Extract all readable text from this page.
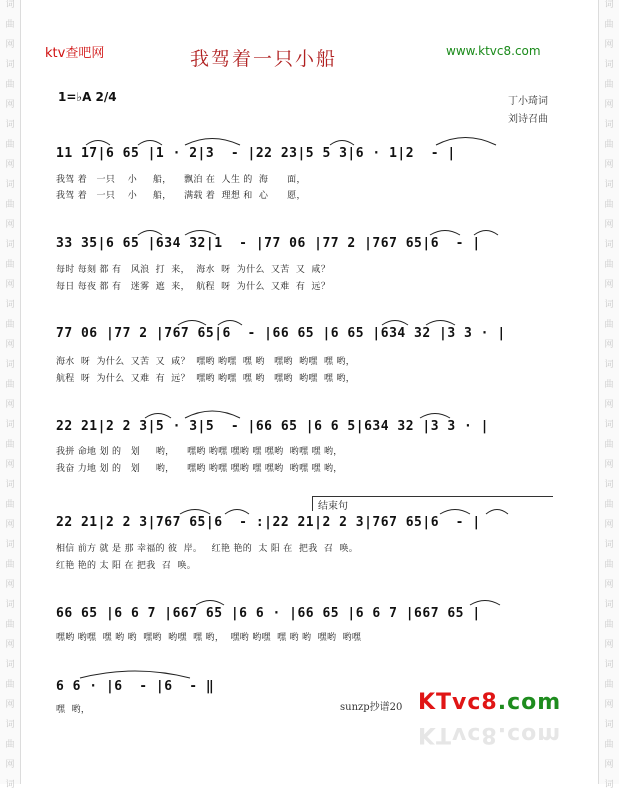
ktv查吧网	我驾着一只小船	www.ktvc8.com
1=♭A 2/4	丁小琦词
刘诗召曲
11 17|6 65 |1 · 2|3  - |22 23|5 5 3|6 · 1|2  - |
我驾 着   一只    小     船，    飘泊 在  人生 的  海      面，
我驾 着   一只    小     船，    满载 着  理想 和  心      愿，
33 35|6 65 |634 32|1  - |77 06 |77 2 |767 65|6  - |
每时 每刻 都 有   风浪  打  来，  海水  呀  为什么  又苦  又  咸？
每日 每夜 都 有   迷雾  遮  来，  航程  呀  为什么  又难  有  远？
77 06 |77 2 |767 65|6  - |66 65 |6 65 |634 32 |3 3 · |
海水  呀  为什么  又苦  又  咸？  嘿哟 哟嘿  嘿 哟   嘿哟  哟嘿  嘿 哟，
航程  呀  为什么  又难  有  远？  嘿哟 哟嘿  嘿 哟   嘿哟  哟嘿  嘿 哟，
22 21|2 2 3|5 · 3|5  - |66 65 |6 6 5|634 32 |3 3 · |
我拼 命地 划 的   划     哟，    嘿哟 哟嘿 嘿哟 嘿 嘿哟  哟嘿 嘿 哟，
我奋 力地 划 的   划     哟，    嘿哟 哟嘿 嘿哟 嘿 嘿哟  哟嘿 嘿 哟，
结束句
22 21|2 2 3|767 65|6  - :|22 21|2 2 3|767 65|6  - |
相信 前方 就 是 那 幸福的 彼  岸。   红艳 艳的  太 阳 在  把我  召  唤。
红艳 艳的 太 阳 在 把我  召  唤。
66 65 |6 6 7 |667 65 |6 6 · |66 65 |6 6 7 |667 65 |
嘿哟 哟嘿  嘿 哟 哟  嘿哟  哟嘿  嘿 哟，  嘿哟 哟嘿  嘿 哟 哟  嘿哟  哟嘿
6 6 · |6  - |6  - ‖
嘿  哟，	sunzp抄谱20 KTvc8.com
KTvc8.com
词
曲
网
词
曲
网
词
曲
网
词
曲
网
词
曲
网
词
曲
网
词
曲
网
词
曲
网
词
曲
网
词
曲
网
词
曲
网
词
曲
网
词
曲
网
词
词
曲
网
词
曲
网
词
曲
网
词
曲
网
词
曲
网
词
曲
网
词
曲
网
词
曲
网
词
曲
网
词
曲
网
词
曲
网
词
曲
网
词
曲
网
词
